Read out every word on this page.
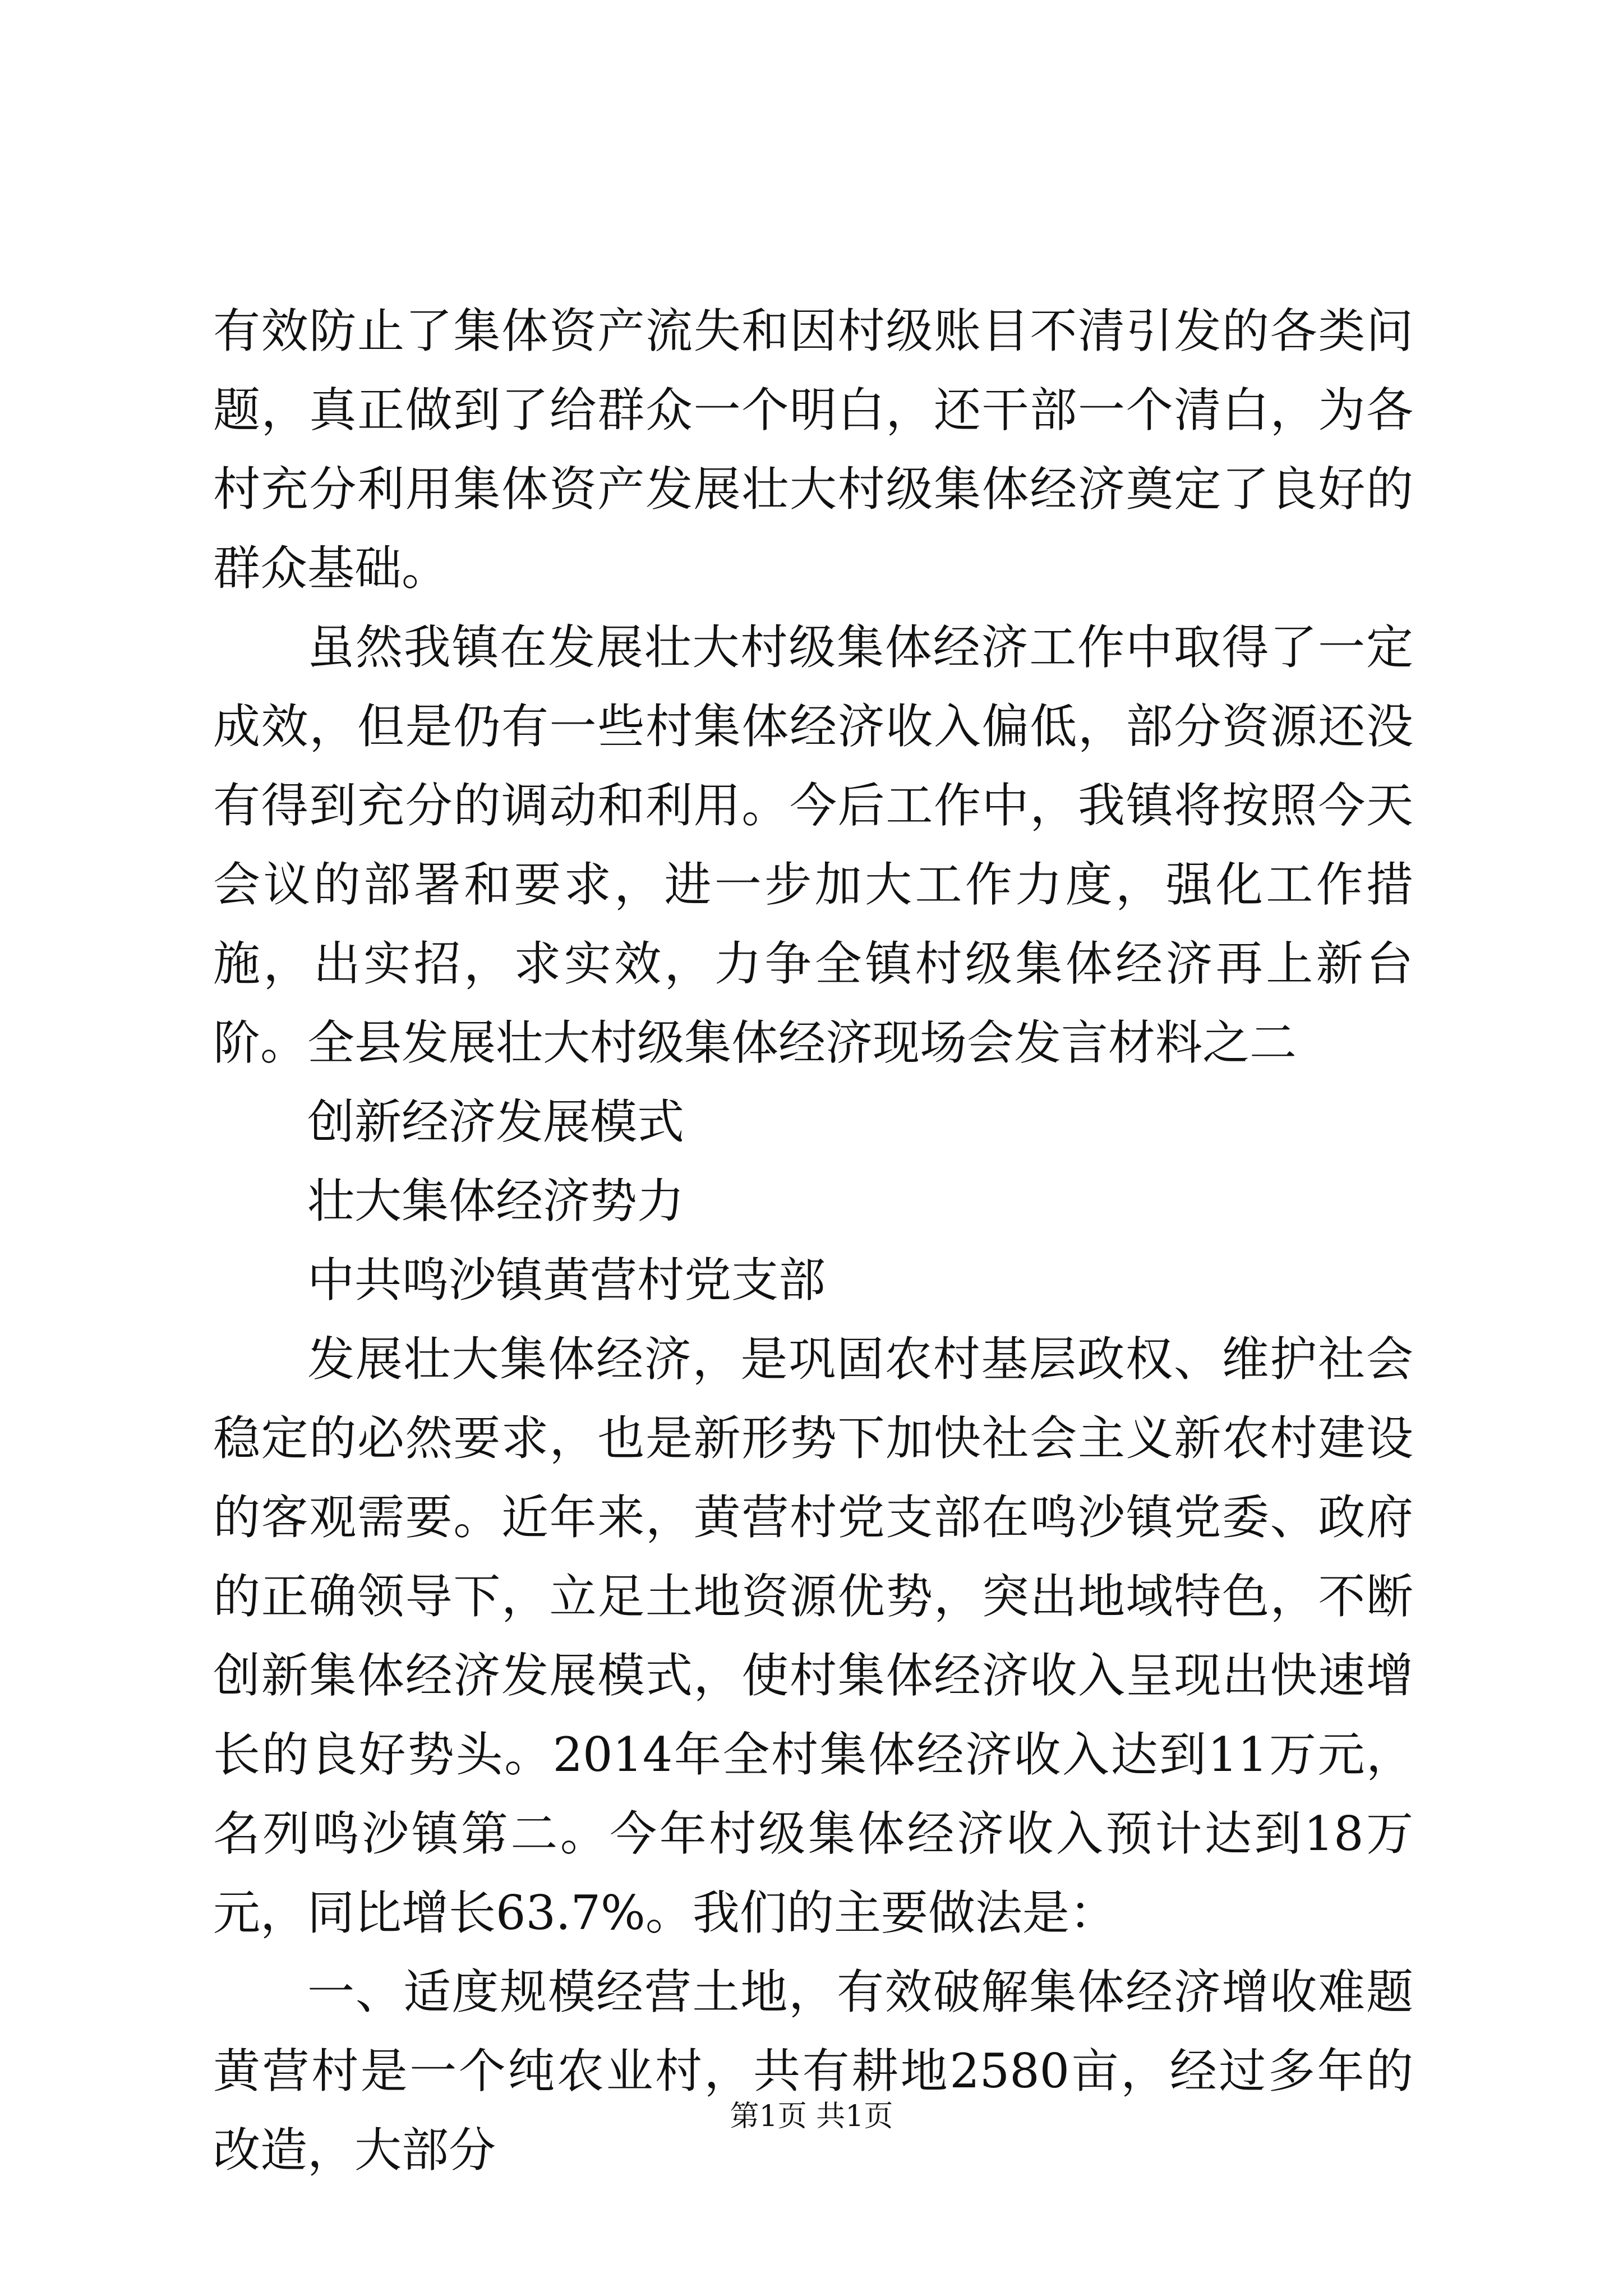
有效防止了集体资产流失和因村级账目不清引发的各类问题，真正做到了给群众一个明白，还干部一个清白，为各村充分利用集体资产发展壮大村级集体经济奠定了良好的群众基础。

虽然我镇在发展壮大村级集体经济工作中取得了一定成效，但是仍有一些村集体经济收入偏低，部分资源还没有得到充分的调动和利用。今后工作中，我镇将按照今天会议的部署和要求，进一步加大工作力度，强化工作措施，出实招，求实效，力争全镇村级集体经济再上新台阶。全县发展壮大村级集体经济现场会发言材料之二

创新经济发展模式

壮大集体经济势力

中共鸣沙镇黄营村党支部

发展壮大集体经济，是巩固农村基层政权、维护社会稳定的必然要求，也是新形势下加快社会主义新农村建设的客观需要。近年来，黄营村党支部在鸣沙镇党委、政府的正确领导下，立足土地资源优势，突出地域特色，不断创新集体经济发展模式，使村集体经济收入呈现出快速增长的良好势头。2014年全村集体经济收入达到11万元，名列鸣沙镇第二。今年村级集体经济收入预计达到18万元，同比增长63.7%。我们的主要做法是：

一、适度规模经营土地，有效破解集体经济增收难题黄营村是一个纯农业村，共有耕地2580亩，经过多年的改造，大部分

第1页 共1页
